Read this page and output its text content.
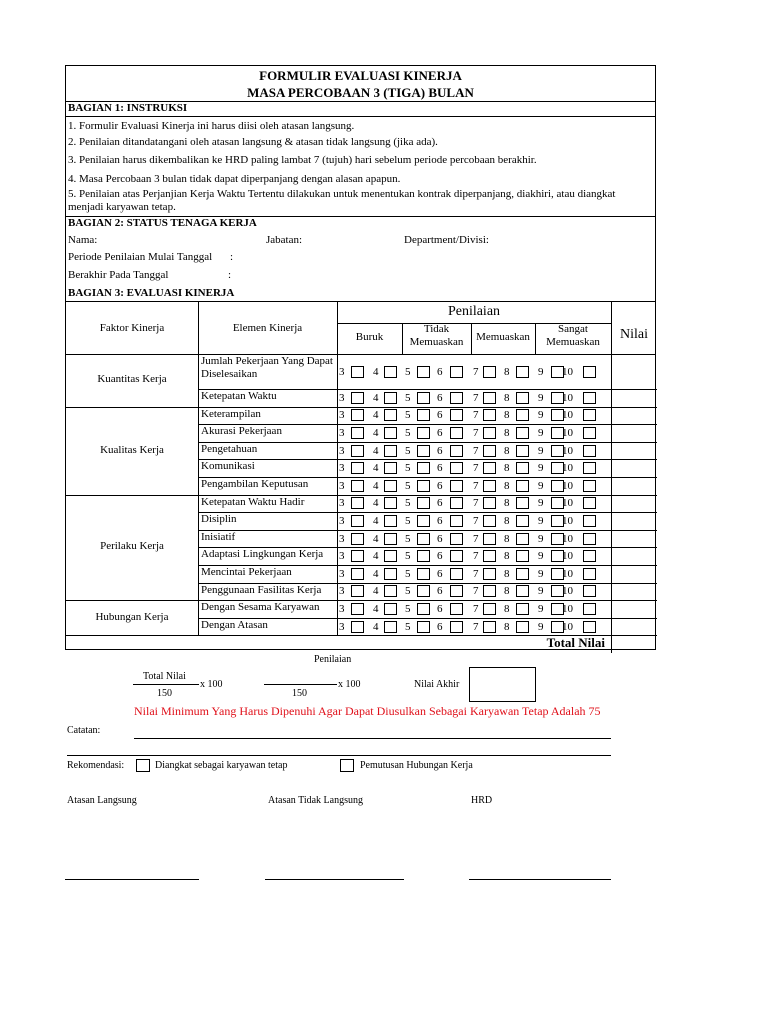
FORMULIR EVALUASI KINERJA
MASA PERCOBAAN 3 (TIGA) BULAN
BAGIAN 1: INSTRUKSI
1. Formulir Evaluasi Kinerja ini harus diisi oleh atasan langsung.
2. Penilaian ditandatangani oleh atasan langsung & atasan tidak langsung (jika ada).
3. Penilaian harus dikembalikan ke HRD paling lambat 7 (tujuh) hari sebelum periode percobaan berakhir.
4. Masa Percobaan 3 bulan tidak dapat diperpanjang dengan alasan apapun.
5. Penilaian atas Perjanjian Kerja Waktu Tertentu dilakukan untuk menentukan kontrak diperpanjang, diakhiri, atau diangkat menjadi karyawan tetap.
BAGIAN 2: STATUS TENAGA KERJA
Nama:	Jabatan:	Department/Divisi:
Periode Penilaian Mulai Tanggal :
Berakhir Pada Tanggal	:
BAGIAN 3: EVALUASI KINERJA
Penilaian
Faktor Kinerja	Elemen Kinerja
Buruk
Tidak Memuaskan	Memuaskan
Sangat Memuaskan	Nilai
Jumlah Pekerjaan Yang Dapat Diselesaikan	3	4 5 6	7 8	9 10
Ketepatan Waktu	3	4 5 6	7 8	9 10
Kuantitas Kerja
Keterampilan	3	4 5 6	7 8	9 10
Akurasi Pekerjaan	3	4 5 6	7 8	9 10
Pengetahuan	3	4 5 6	7 8	9 10
Komunikasi	3	4 5 6	7 8	9 10
Pengambilan Keputusan	3	4 5 6	7 8	9 10
Kualitas Kerja
Ketepatan Waktu Hadir	3	4 5 6	7 8	9 10
Disiplin	3	4 5 6	7 8	9 10
Inisiatif	3	4 5 6	7 8	9 10
Adaptasi Lingkungan Kerja	3	4 5 6	7 8	9 10
Mencintai Pekerjaan	3	4 5 6	7 8	9 10
Penggunaan Fasilitas Kerja	3	4 5 6	7 8	9 10
Perilaku Kerja
Dengan Sesama Karyawan	3	4 5 6	7 8	9 10
Dengan Atasan	3	4 5 6	7 8	9 10
Hubungan Kerja
Total Nilai
Penilaian
Total Nilai
150
x 100
150
x 100	Nilai Akhir
Nilai Minimum Yang Harus Dipenuhi Agar Dapat Diusulkan Sebagai Karyawan Tetap Adalah 75
Catatan:
Rekomendasi:	Diangkat sebagai karyawan tetap	Pemutusan Hubungan Kerja
Atasan Langsung	Atasan Tidak Langsung	HRD
